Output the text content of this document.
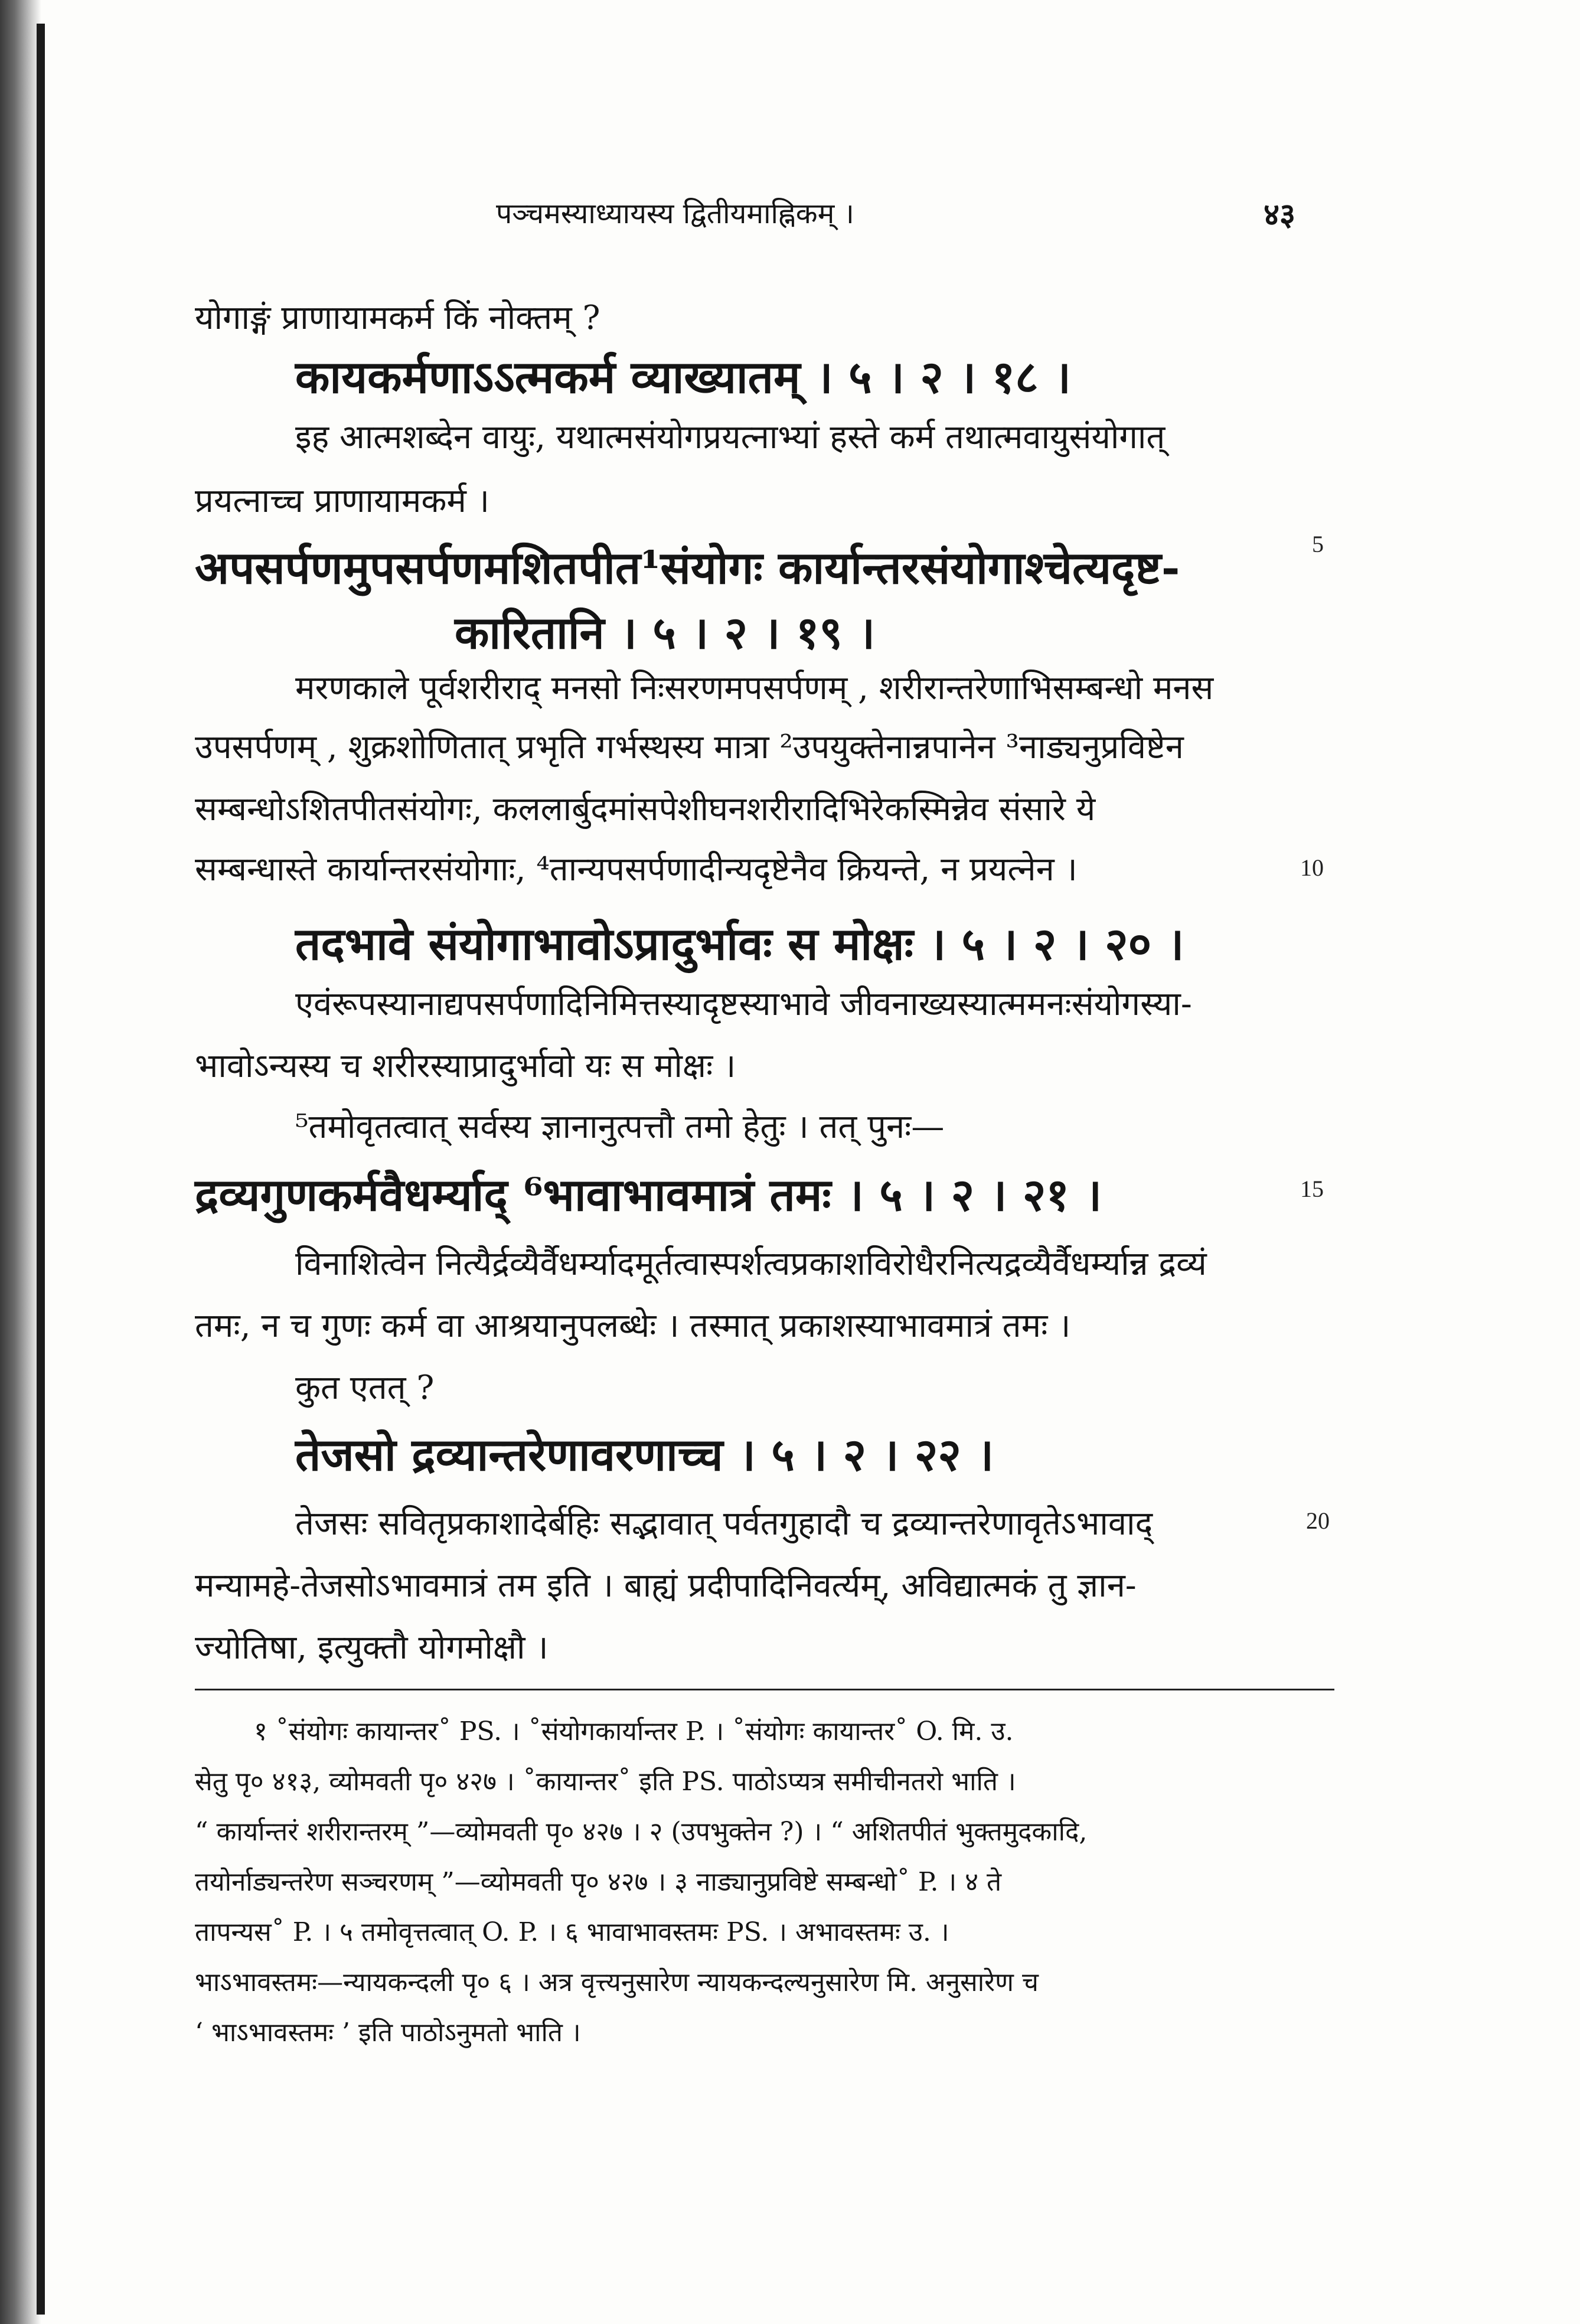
पञ्चमस्याध्यायस्य द्वितीयमाह्निकम् ।	४३
योगाङ्गं प्राणायामकर्म किं नोक्तम् ?
कायकर्मणाऽऽत्मकर्म व्याख्यातम् । ५ । २ । १८ ।
इह आत्मशब्देन वायुः, यथात्मसंयोगप्रयत्नाभ्यां हस्ते कर्म तथात्मवायुसंयोगात्
प्रयत्नाच्च प्राणायामकर्म ।
अपसर्पणमुपसर्पणमशितपीत¹संयोगः कार्यान्तरसंयोगाश्चेत्यदृष्ट-	5
कारितानि । ५ । २ । १९ ।
मरणकाले पूर्वशरीराद् मनसो निःसरणमपसर्पणम् , शरीरान्तरेणाभिसम्बन्धो मनस
उपसर्पणम् , शुक्रशोणितात् प्रभृति गर्भस्थस्य मात्रा ²उपयुक्तेनान्नपानेन ³नाड्यनुप्रविष्टेन
सम्बन्धोऽशितपीतसंयोगः, कललार्बुदमांसपेशीघनशरीरादिभिरेकस्मिन्नेव संसारे ये
सम्बन्धास्ते कार्यान्तरसंयोगाः, ⁴तान्यपसर्पणादीन्यदृष्टेनैव क्रियन्ते, न प्रयत्नेन ।	10
तदभावे संयोगाभावोऽप्रादुर्भावः स मोक्षः । ५ । २ । २० ।
एवंरूपस्यानाद्यपसर्पणादिनिमित्तस्यादृष्टस्याभावे जीवनाख्यस्यात्ममनःसंयोगस्या-
भावोऽन्यस्य च शरीरस्याप्रादुर्भावो यः स मोक्षः ।
⁵तमोवृतत्वात् सर्वस्य ज्ञानानुत्पत्तौ तमो हेतुः । तत् पुनः—
द्रव्यगुणकर्मवैधर्म्याद् ⁶भावाभावमात्रं तमः । ५ । २ । २१ ।	15
विनाशित्वेन नित्यैर्द्रव्यैर्वैधर्म्यादमूर्तत्वास्पर्शत्वप्रकाशविरोधैरनित्यद्रव्यैर्वैधर्म्यान्न द्रव्यं
तमः, न च गुणः कर्म वा आश्रयानुपलब्धेः । तस्मात् प्रकाशस्याभावमात्रं तमः ।
कुत एतत् ?
तेजसो द्रव्यान्तरेणावरणाच्च । ५ । २ । २२ ।
तेजसः सवितृप्रकाशादेर्बहिः सद्भावात् पर्वतगुहादौ च द्रव्यान्तरेणावृतेऽभावाद्	20
मन्यामहे-तेजसोऽभावमात्रं तम इति । बाह्यं प्रदीपादिनिवर्त्यम्, अविद्यात्मकं तु ज्ञान-
ज्योतिषा, इत्युक्तौ योगमोक्षौ ।
१ ˚संयोगः कायान्तर˚ PS. । ˚संयोगकार्यान्तर P. । ˚संयोगः कायान्तर˚ O. मि. उ.
सेतु पृ० ४१३, व्योमवती पृ० ४२७ । ˚कायान्तर˚ इति PS. पाठोऽप्यत्र समीचीनतरो भाति ।
“ कार्यान्तरं शरीरान्तरम् ”—व्योमवती पृ० ४२७ । २ (उपभुक्तेन ?) । “ अशितपीतं भुक्तमुदकादि,
तयोर्नाड्यन्तरेण सञ्चरणम् ”—व्योमवती पृ० ४२७ । ३ नाड्यानुप्रविष्टे सम्बन्धो˚ P. । ४ ते
तापन्यस˚ P. । ५ तमोवृत्तत्वात् O. P. । ६ भावाभावस्तमः PS. । अभावस्तमः उ. ।
भाऽभावस्तमः—न्यायकन्दली पृ० ६ । अत्र वृत्त्यनुसारेण न्यायकन्दल्यनुसारेण मि. अनुसारेण च
‘ भाऽभावस्तमः ’ इति पाठोऽनुमतो भाति ।
